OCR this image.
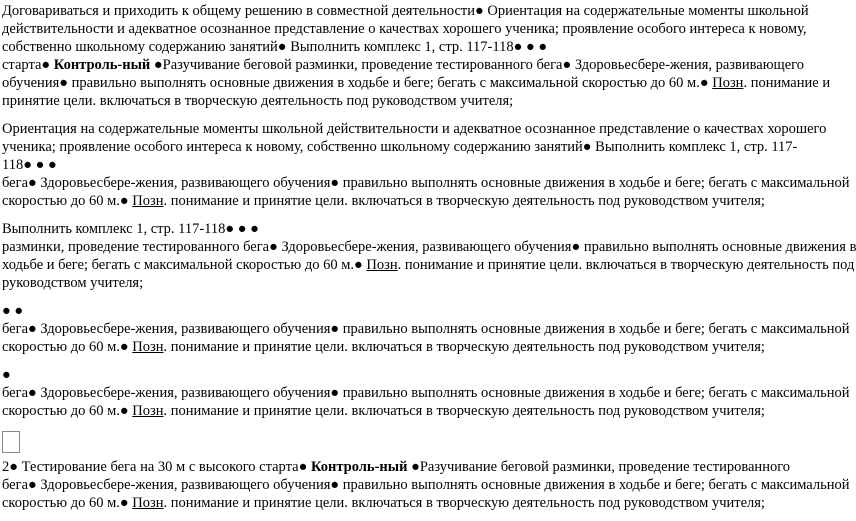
Договариваться и приходить к общему решению в совместной деятельности● Ориентация на содержательные моменты школьной
действительности и адекватное осознанное представление о качествах хорошего ученика; проявление особого интереса к новому,
собственно школьному содержанию занятий● Выполнить комплекс 1, стр. 117-118● ● ●
старта● Контроль-ный ●Разучивание беговой разминки, проведение тестированного бега● Здоровьесбере-жения, развивающего
обучения● правильно выполнять основные движения в ходьбе и беге; бегать с максимальной скоростью до 60 м.● Позн. понимание и
принятие цели. включаться в творческую деятельность под руководством учителя;
Ориентация на содержательные моменты школьной действительности и адекватное осознанное представление о качествах хорошего
ученика; проявление особого интереса к новому, собственно школьному содержанию занятий● Выполнить комплекс 1, стр. 117-
118● ● ●
бега● Здоровьесбере-жения, развивающего обучения● правильно выполнять основные движения в ходьбе и беге; бегать с максимальной
скоростью до 60 м.● Позн. понимание и принятие цели. включаться в творческую деятельность под руководством учителя;
Выполнить комплекс 1, стр. 117-118● ● ●
разминки, проведение тестированного бега● Здоровьесбере-жения, развивающего обучения● правильно выполнять основные движения в
ходьбе и беге; бегать с максимальной скоростью до 60 м.● Позн. понимание и принятие цели. включаться в творческую деятельность под
руководством учителя;
● ●
бега● Здоровьесбере-жения, развивающего обучения● правильно выполнять основные движения в ходьбе и беге; бегать с максимальной
скоростью до 60 м.● Позн. понимание и принятие цели. включаться в творческую деятельность под руководством учителя;
●
бега● Здоровьесбере-жения, развивающего обучения● правильно выполнять основные движения в ходьбе и беге; бегать с максимальной
скоростью до 60 м.● Позн. понимание и принятие цели. включаться в творческую деятельность под руководством учителя;
2● Тестирование бега на 30 м с высокого старта● Контроль-ный ●Разучивание беговой разминки, проведение тестированного
бега● Здоровьесбере-жения, развивающего обучения● правильно выполнять основные движения в ходьбе и беге; бегать с максимальной
скоростью до 60 м.● Позн. понимание и принятие цели. включаться в творческую деятельность под руководством учителя;
